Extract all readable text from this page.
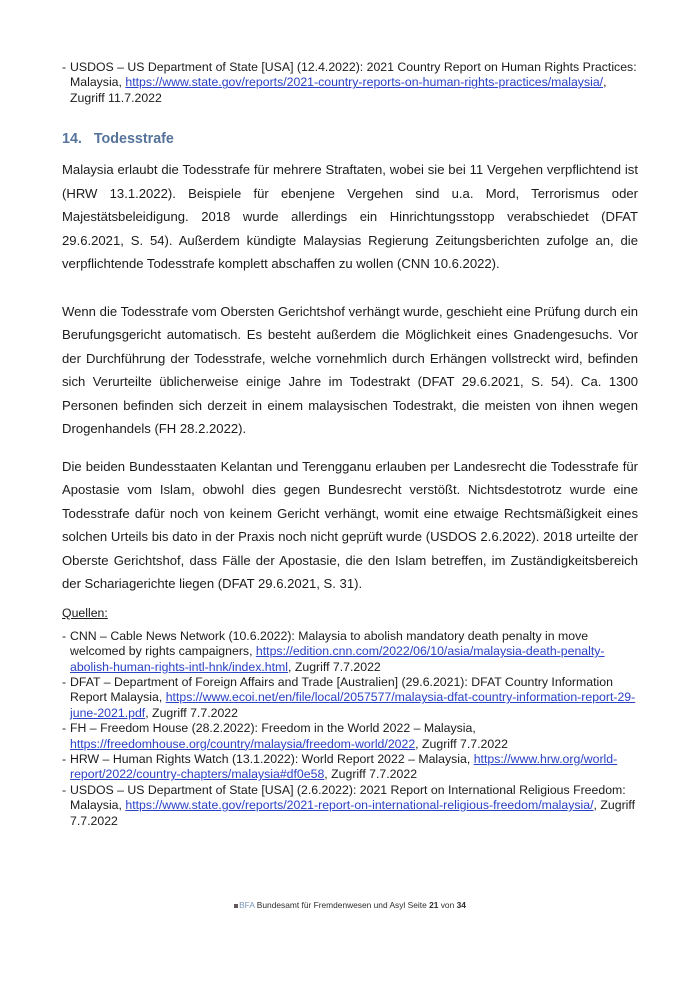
- USDOS – US Department of State [USA] (12.4.2022): 2021 Country Report on Human Rights Practices: Malaysia, https://www.state.gov/reports/2021-country-reports-on-human-rights-practices/malaysia/, Zugriff 11.7.2022
14. Todesstrafe

Malaysia erlaubt die Todesstrafe für mehrere Straftaten, wobei sie bei 11 Vergehen verpflichtend ist (HRW 13.1.2022). Beispiele für ebenjene Vergehen sind u.a. Mord, Terrorismus oder Majestätsbeleidigung. 2018 wurde allerdings ein Hinrichtungsstopp verabschiedet (DFAT 29.6.2021, S. 54). Außerdem kündigte Malaysias Regierung Zeitungsberichten zufolge an, die verpflichtende Todesstrafe komplett abschaffen zu wollen (CNN 10.6.2022).

Wenn die Todesstrafe vom Obersten Gerichtshof verhängt wurde, geschieht eine Prüfung durch ein Berufungsgericht automatisch. Es besteht außerdem die Möglichkeit eines Gnadengesuchs. Vor der Durchführung der Todesstrafe, welche vornehmlich durch Erhängen vollstreckt wird, befinden sich Verurteilte üblicherweise einige Jahre im Todestrakt (DFAT 29.6.2021, S. 54). Ca. 1300 Personen befinden sich derzeit in einem malaysischen Todestrakt, die meisten von ihnen wegen Drogenhandels (FH 28.2.2022).

Die beiden Bundesstaaten Kelantan und Terengganu erlauben per Landesrecht die Todesstrafe für Apostasie vom Islam, obwohl dies gegen Bundesrecht verstößt. Nichtsdestotrotz wurde eine Todesstrafe dafür noch von keinem Gericht verhängt, womit eine etwaige Rechtsmäßigkeit eines solchen Urteils bis dato in der Praxis noch nicht geprüft wurde (USDOS 2.6.2022). 2018 urteilte der Oberste Gerichtshof, dass Fälle der Apostasie, die den Islam betreffen, im Zuständigkeitsbereich der Schariagerichte liegen (DFAT 29.6.2021, S. 31).

Quellen:
- CNN – Cable News Network (10.6.2022): Malaysia to abolish mandatory death penalty in move welcomed by rights campaigners, https://edition.cnn.com/2022/06/10/asia/malaysia-death-penalty-abolish-human-rights-intl-hnk/index.html, Zugriff 7.7.2022
- DFAT – Department of Foreign Affairs and Trade [Australien] (29.6.2021): DFAT Country Information Report Malaysia, https://www.ecoi.net/en/file/local/2057577/malaysia-dfat-country-information-report-29-june-2021.pdf, Zugriff 7.7.2022
- FH – Freedom House (28.2.2022): Freedom in the World 2022 – Malaysia, https://freedomhouse.org/country/malaysia/freedom-world/2022, Zugriff 7.7.2022
- HRW – Human Rights Watch (13.1.2022): World Report 2022 – Malaysia, https://www.hrw.org/world-report/2022/country-chapters/malaysia#df0e58, Zugriff 7.7.2022
- USDOS – US Department of State [USA] (2.6.2022): 2021 Report on International Religious Freedom: Malaysia, https://www.state.gov/reports/2021-report-on-international-religious-freedom/malaysia/, Zugriff 7.7.2022
BFA Bundesamt für Fremdenwesen und Asyl Seite 21 von 34
